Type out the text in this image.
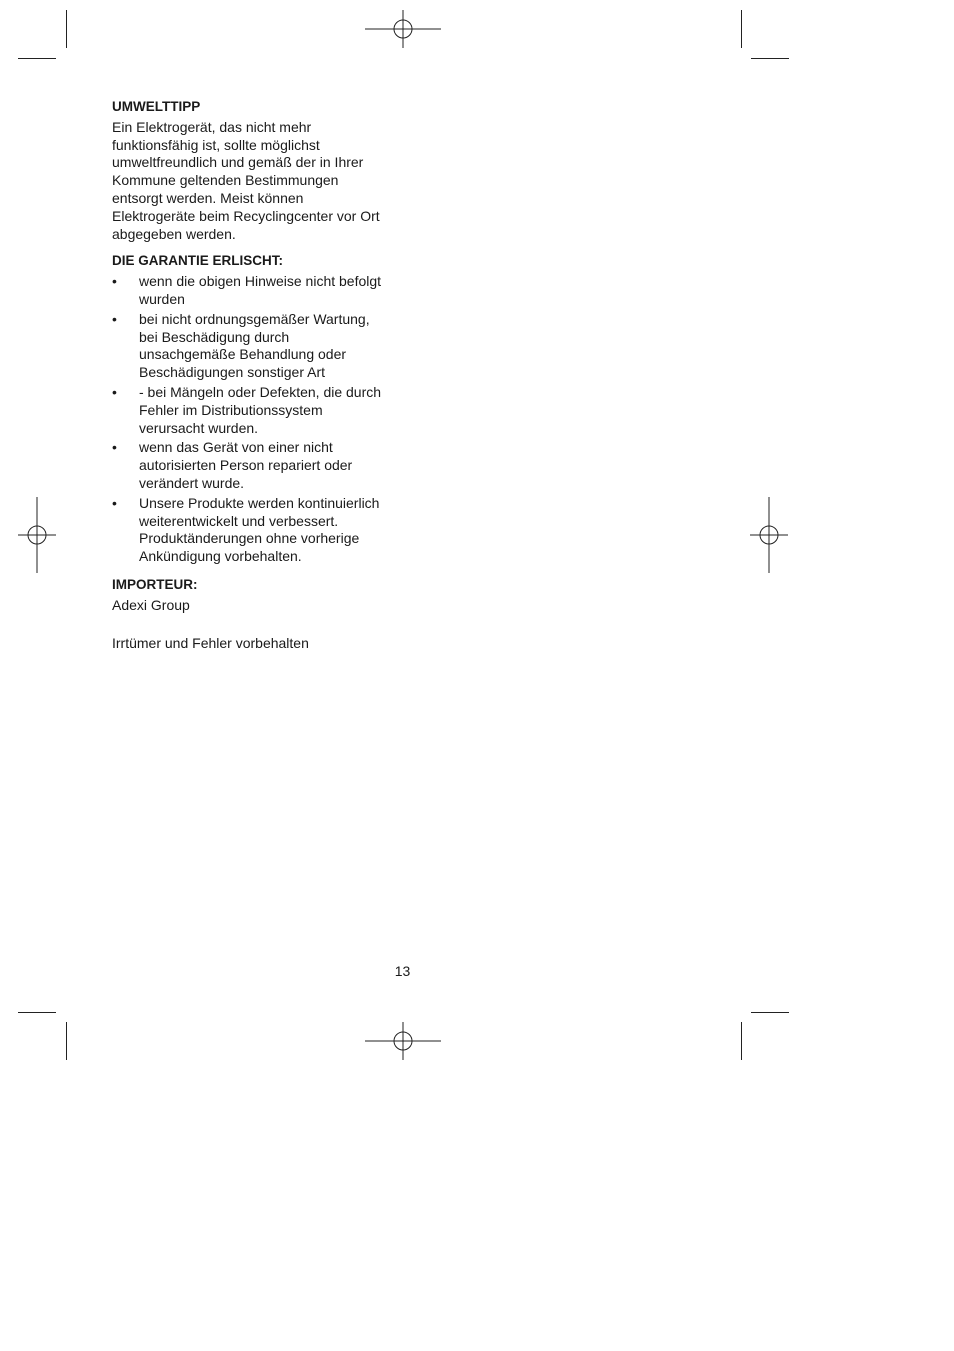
UMWELTTIPP

Ein Elektrogerät, das nicht mehr
funktionsfähig ist, sollte möglichst
umweltfreundlich und gemäß der in Ihrer
Kommune geltenden Bestimmungen
entsorgt werden. Meist können
Elektrogeräte beim Recyclingcenter vor Ort
abgegeben werden.

DIE GARANTIE ERLISCHT:

• wenn die obigen Hinweise nicht befolgt
wurden
• bei nicht ordnungsgemäßer Wartung,
bei Beschädigung durch
unsachgemäße Behandlung oder
Beschädigungen sonstiger Art
• - bei Mängeln oder Defekten, die durch
Fehler im Distributionssystem
verursacht wurden.
• wenn das Gerät von einer nicht
autorisierten Person repariert oder
verändert wurde.
• Unsere Produkte werden kontinuierlich
weiterentwickelt und verbessert.
Produktänderungen ohne vorherige
Ankündigung vorbehalten.

IMPORTEUR:

Adexi Group
Irrtümer und Fehler vorbehalten
13
